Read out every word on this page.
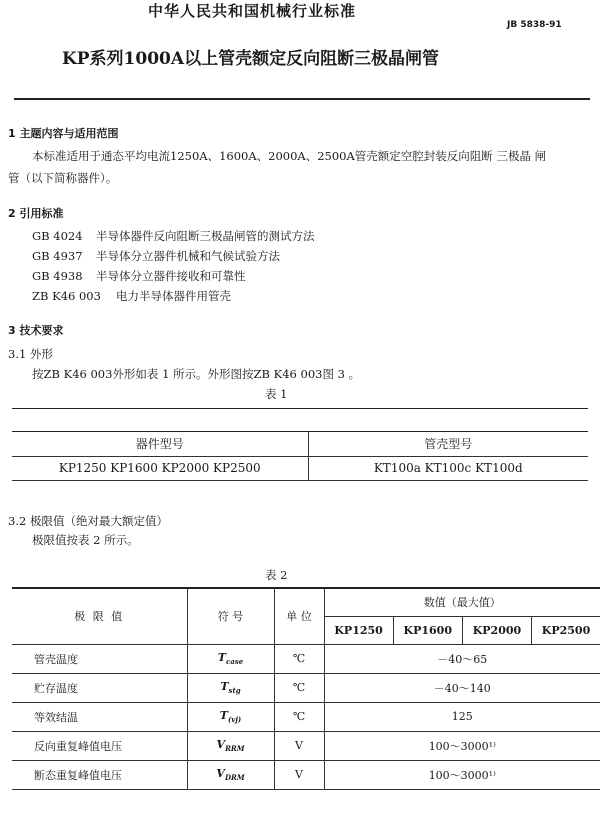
中华人民共和国机械行业标准
JB 5838-91
KP系列1000A以上管壳额定反向阻断三极晶闸管
1 主题内容与适用范围
本标准适用于通态平均电流1250A、1600A、2000A、2500A管壳额定空腔封装反向阻断 三极晶 闸
管（以下简称器件）。
2 引用标准
GB 4024 半导体器件反向阻断三极晶闸管的测试方法
GB 4937 半导体分立器件机械和气候试验方法
GB 4938 半导体分立器件接收和可靠性
ZB K46 003 电力半导体器件用管壳
3 技术要求
3.1 外形
按ZB K46 003外形如表 1 所示。外形图按ZB K46 003图 3 。
表 1
器件型号	管壳型号
KP1250 KP1600 KP2000 KP2500	KT100a KT100c KT100d
3.2 极限值（绝对最大额定值）
极限值按表 2 所示。
表 2
极 限 值	符 号	单 位	数值（最大值）			
			KP1250	KP1600	KP2000	KP2500
管壳温度	$T_{case}$	℃	－40～65			
贮存温度	$T_{stg}$	℃	－40～140			
等效结温	$T_{(vj)}$	℃	125			
反向重复峰值电压	$V_{RRM}$	V	100～3000¹⁾			
断态重复峰值电压	$V_{DRM}$	V	100～3000¹⁾			
